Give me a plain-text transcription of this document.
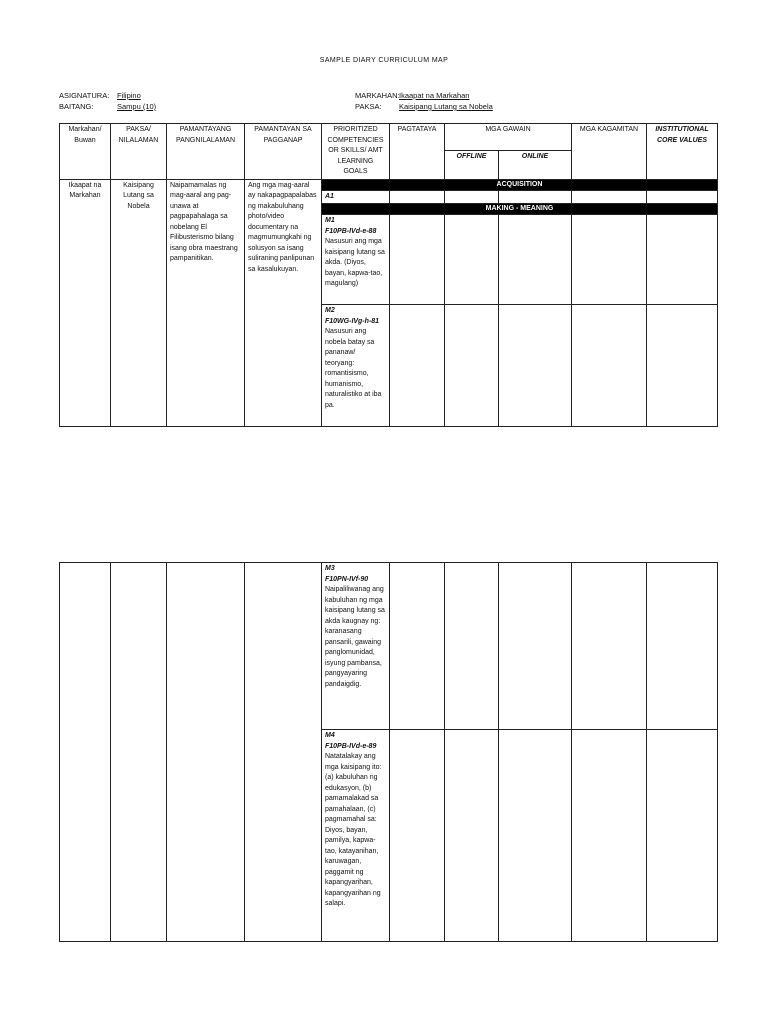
SAMPLE DIARY CURRICULUM MAP
ASIGNATURA: Filipino
BAITANG:	Sampu (10)
MARKAHAN:Ikaapat na Markahan
PAKSA: Kaisipang Lutang sa Nobela
Markahan/ Buwan	PAKSA/ NILALAMAN	PAMANTAYANG PANGNILALAMAN	PAMANTAYAN SA PAGGANAP	PRIORITIZED COMPETENCIES OR SKILLS/ AMT LEARNING GOALS	PAGTATAYA	MGA GAWAIN		MGA KAGAMITAN	INSTITUTIONAL CORE VALUES
						OFFLINE	ONLINE		
Ikaapat na Markahan	Kaisipang Lutang sa Nobela	Naipamamalas ng mag-aaral ang pag-unawa at pagpapahalaga sa nobelang El Filibusterismo bilang isang obra maestrang pampanitikan.	Ang mga mag-aaral ay nakapagpapalabas ng makabuluhang photo/video documentary na magmumungkahi ng solusyon sa isang suliraning panlipunan sa kasalukuyan.	ACQUISITION					

				A1					

				MAKING - MEANING					

				M1
F10PB-IVd-e-88
Nasusuri ang mga kaisipang lutang sa akda. (Diyos, bayan, kapwa-tao, magulang)					

				M2
F10WG-IVg-h-81
Nasusuri ang nobela batay sa pananaw/ teoryang: romantisismo, humanismo, naturalistiko at iba pa.					

				M3
F10PN-IVf-90
Naipaliliwanag ang kabuluhan ng mga kaisipang lutang sa akda kaugnay ng: karanasang pansarili, gawaing panglomunidad, isyung pambansa, pangyayaring pandaigdig.					

				M4
F10PB-IVd-e-89
Natatalakay ang mga kaisipang ito: (a) kabuluhan ng edukasyon, (b) pamamalakad sa pamahalaan, (c) pagmamahal sa: Diyos, bayan, pamilya, kapwa-tao, katayanihan, karuwagan, paggamit ng kapangyarihan, kapangyarihan ng salapi.					
